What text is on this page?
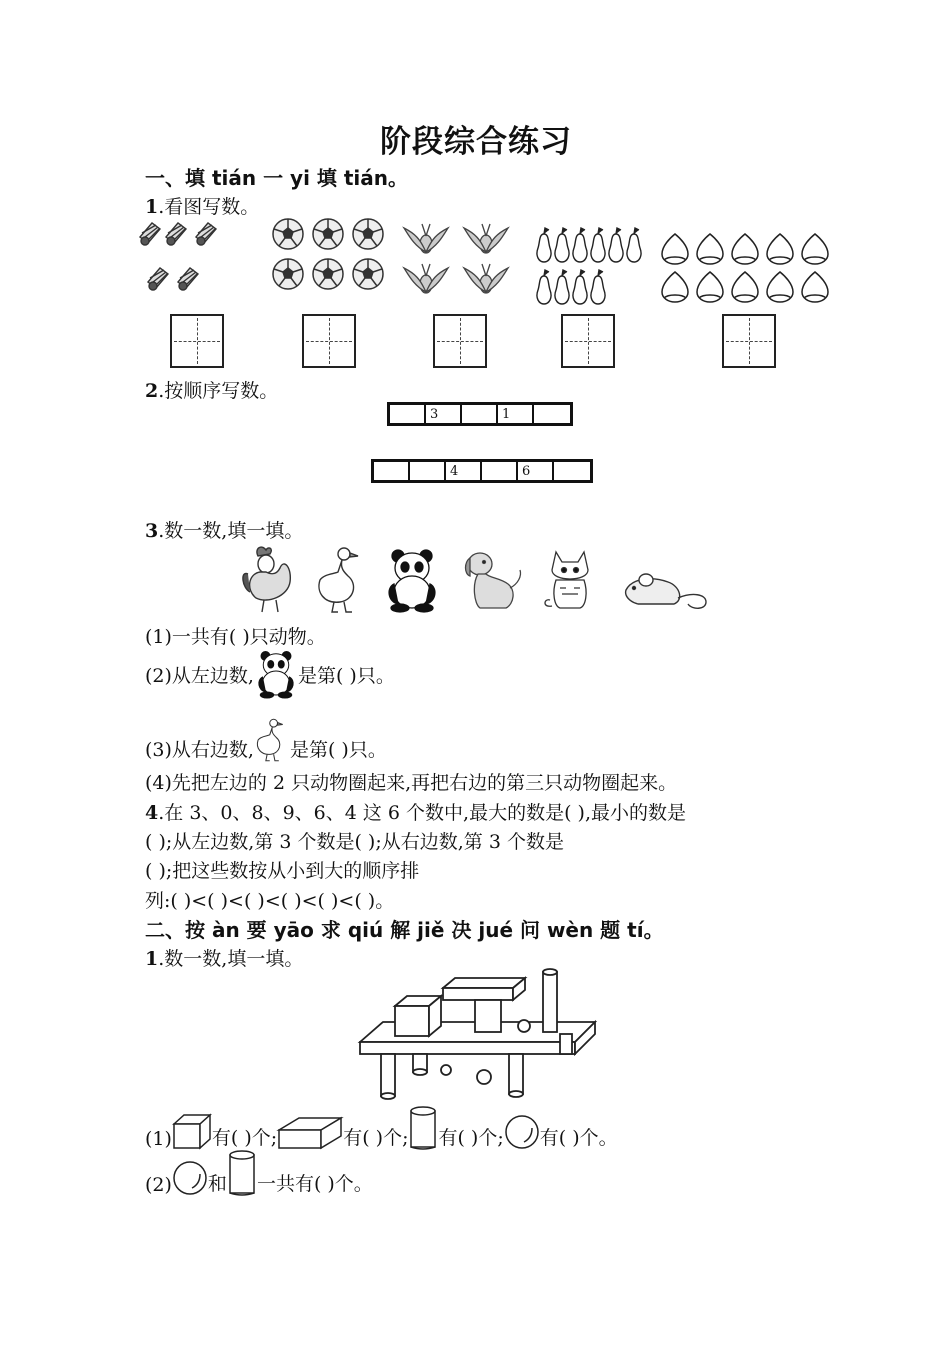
阶段综合练习
一、填 tián 一 yi 填 tián。
1.看图写数。
2.按顺序写数。
3	1
4	6
3.数一数,填一填。
(1)一共有( )只动物。
(2)从左边数, 是第( )只。
(3)从右边数, 是第( )只。
(4)先把左边的 2 只动物圈起来,再把右边的第三只动物圈起来。
4.在 3、0、8、9、6、4 这 6 个数中,最大的数是( ),最小的数是
( );从左边数,第 3 个数是( );从右边数,第 3 个数是
( );把这些数按从小到大的顺序排
列:( )<( )<( )<( )<( )<( )。
二、按 àn 要 yāo 求 qiú 解 jiě 决 jué 问 wèn 题 tí。
1.数一数,填一填。
(1) 有( )个;	有( )个; 有( )个; 有( )个。
(2) 和 一共有( )个。
